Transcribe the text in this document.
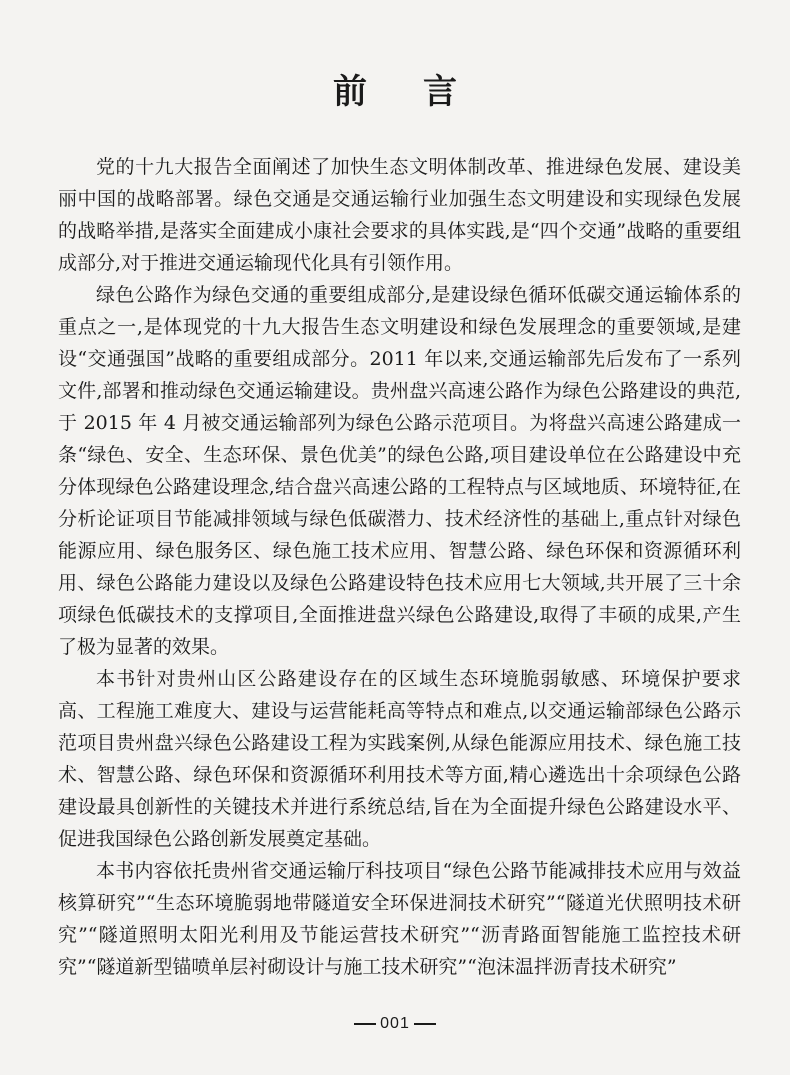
前言

党的十九大报告全面阐述了加快生态文明体制改革、推进绿色发展、建设美丽中国的战略部署。绿色交通是交通运输行业加强生态文明建设和实现绿色发展的战略举措,是落实全面建成小康社会要求的具体实践,是“四个交通”战略的重要组成部分,对于推进交通运输现代化具有引领作用。

绿色公路作为绿色交通的重要组成部分,是建设绿色循环低碳交通运输体系的重点之一,是体现党的十九大报告生态文明建设和绿色发展理念的重要领域,是建设“交通强国”战略的重要组成部分。2011 年以来,交通运输部先后发布了一系列文件,部署和推动绿色交通运输建设。贵州盘兴高速公路作为绿色公路建设的典范,于 2015 年 4 月被交通运输部列为绿色公路示范项目。为将盘兴高速公路建成一条“绿色、安全、生态环保、景色优美”的绿色公路,项目建设单位在公路建设中充分体现绿色公路建设理念,结合盘兴高速公路的工程特点与区域地质、环境特征,在分析论证项目节能减排领域与绿色低碳潜力、技术经济性的基础上,重点针对绿色能源应用、绿色服务区、绿色施工技术应用、智慧公路、绿色环保和资源循环利用、绿色公路能力建设以及绿色公路建设特色技术应用七大领域,共开展了三十余项绿色低碳技术的支撑项目,全面推进盘兴绿色公路建设,取得了丰硕的成果,产生了极为显著的效果。

本书针对贵州山区公路建设存在的区域生态环境脆弱敏感、环境保护要求高、工程施工难度大、建设与运营能耗高等特点和难点,以交通运输部绿色公路示范项目贵州盘兴绿色公路建设工程为实践案例,从绿色能源应用技术、绿色施工技术、智慧公路、绿色环保和资源循环利用技术等方面,精心遴选出十余项绿色公路建设最具创新性的关键技术并进行系统总结,旨在为全面提升绿色公路建设水平、促进我国绿色公路创新发展奠定基础。

本书内容依托贵州省交通运输厅科技项目“绿色公路节能减排技术应用与效益核算研究”“生态环境脆弱地带隧道安全环保进洞技术研究”“隧道光伏照明技术研究”“隧道照明太阳光利用及节能运营技术研究”“沥青路面智能施工监控技术研究”“隧道新型锚喷单层衬砌设计与施工技术研究”“泡沫温拌沥青技术研究”

001
